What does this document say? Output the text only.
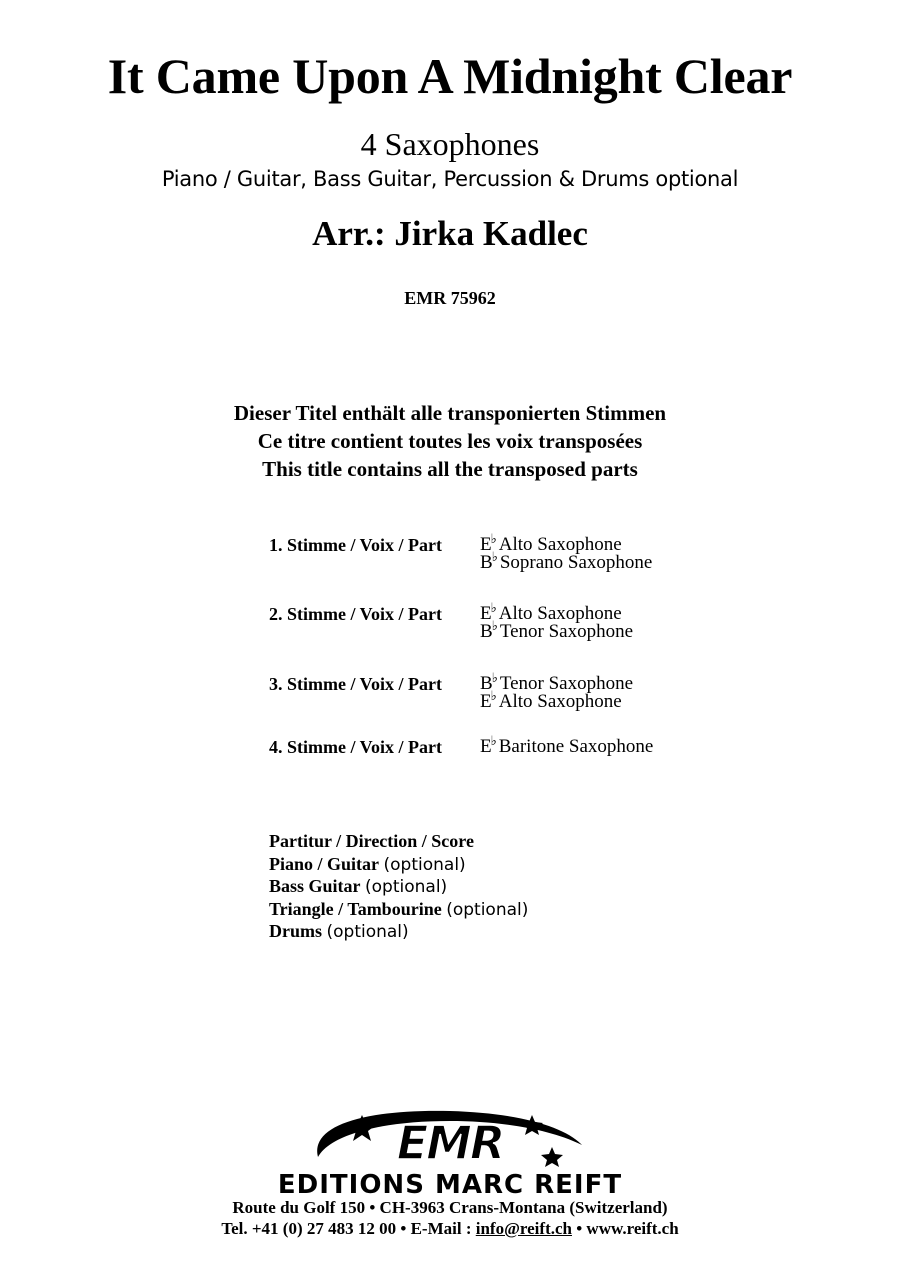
It Came Upon A Midnight Clear
4 Saxophones
Piano / Guitar, Bass Guitar, Percussion & Drums optional
Arr.: Jirka Kadlec
EMR 75962
Dieser Titel enthält alle transponierten Stimmen
Ce titre contient toutes les voix transposées
This title contains all the transposed parts
1. Stimme / Voix / Part E♭ Alto Saxophone
B♭ Soprano Saxophone
2. Stimme / Voix / Part E♭ Alto Saxophone
B♭ Tenor Saxophone
3. Stimme / Voix / Part B♭ Tenor Saxophone
E♭ Alto Saxophone
4. Stimme / Voix / Part E♭ Baritone Saxophone
Partitur / Direction / Score
Piano / Guitar (optional)
Bass Guitar (optional)
Triangle / Tambourine (optional)
Drums (optional)
EMR
EDITIONS MARC REIFT
Route du Golf 150 • CH-3963 Crans-Montana (Switzerland)
Tel. +41 (0) 27 483 12 00 • E-Mail : info@reift.ch • www.reift.ch
